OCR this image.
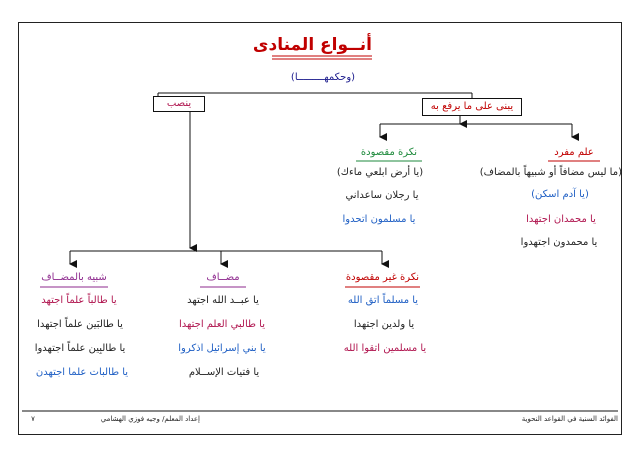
أنــواع المنادى
(وحكمهـــــــــا)
يبنى على ما يرفع به
ينصب
علم مفرد
(ما ليس مضافاً أو شبيهاً بالمضاف)
(يا آدم اسكن)
يا محمدان اجتهدا
يا محمدون اجتهدوا
نكرة مقصودة
(يا أرض ابلعي ماءك)
يا رجلان ساعداني
يا مسلمون اتحدوا
نكرة غير مقصودة
يا مسلماً اتق الله
يا ولدين اجتهدا
يا مسلمين اتقوا الله
مضــاف
يا عبــد الله اجتهد
يا طالبي العلم اجتهدا
يا بني إسرائيل اذكروا
يا فتيات الإســلام
شبيه بالمضــاف
يا طالباً علماً اجتهد
يا طالبَين علماً اجتهدا
يا طالبِين علماً اجتهدوا
يا طالبات علما اجتهدن
الفوائد السنية في القواعد النحوية
إعداد المعلم/ وجيه فوزي الهشامي
٧
